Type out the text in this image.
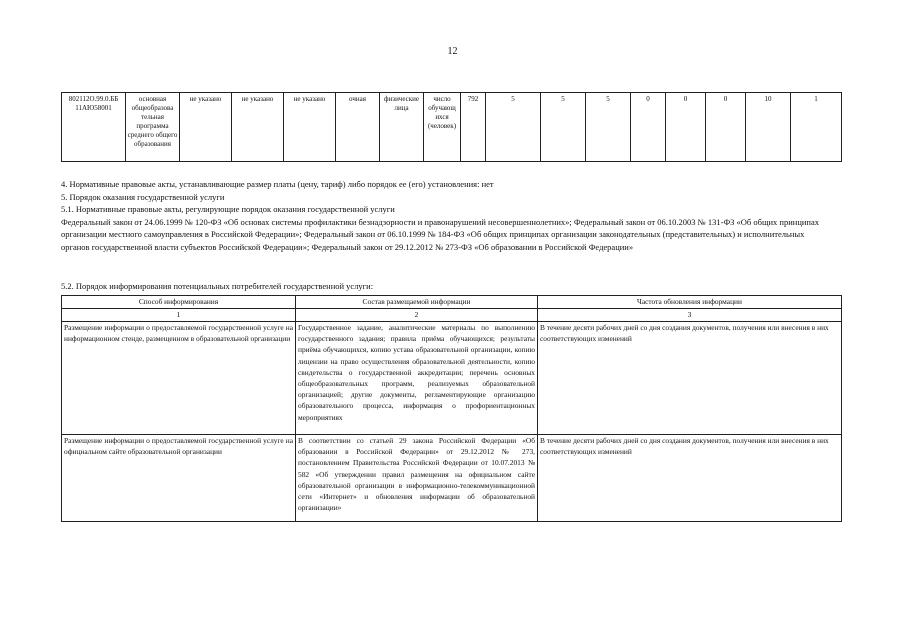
12
802112О.99.0.ББ 11АЮ58001	основная общеобразова тельная программа среднего общего образования	не указано	не указано	не указано	очная	физические лица	число обучающ ихся (человек)	792	5	5	5	0	0	0	10	1

4. Нормативные правовые акты, устанавливающие размер платы (цену, тариф) либо порядок ее (его) установления: нет

5. Порядок оказания государственной услуги

5.1. Нормативные правовые акты, регулирующие порядок оказания государственной услуги

Федеральный закон от 24.06.1999 № 120-ФЗ «Об основах системы профилактики безнадзорности и правонарушений несовершеннолетних»; Федеральный закон от 06.10.2003 № 131-ФЗ «Об общих принципах организации местного самоуправления в Российской Федерации»; Федеральный закон от 06.10.1999 № 184-ФЗ «Об общих принципах организации законодательных (представительных) и исполнительных органов государственной власти субъектов Российской Федерации»; Федеральный закон от 29.12.2012 № 273-ФЗ «Об образовании в Российской Федерации»

5.2. Порядок информирования потенциальных потребителей государственной услуги:

Способ информирования	Состав размещаемой информации	Частота обновления информации
1	2	3
Размещение информации о предоставляемой государственной услуге на информационном стенде, размещенном в образовательной организации	Государственное задание, аналитические материалы по выполнению государственного задания; правила приёма обучающихся; результаты приёма обучающихся, копию устава образовательной организации, копию лицензии на право осуществления образовательной деятельности, копию свидетельства о государственной аккредитации; перечень основных общеобразовательных программ, реализуемых образовательной организацией; другие документы, регламентирующие организацию образовательного процесса, информация о профориентационных мероприятиях	В течение десяти рабочих дней со дня создания документов, получения или внесения в них соответствующих изменений
Размещение информации о предоставляемой государственной услуге на официальном сайте образовательной организации	В соответствии со статьей 29 закона Российской Федерации «Об образовании в Российской Федерации» от 29.12.2012 № 273, постановлением Правительства Российской Федерации от 10.07.2013 № 582 «Об утверждении правил размещения на официальном сайте образовательной организации в информационно-телекоммуникационной сети «Интернет» и обновления информации об образовательной организации»	В течение десяти рабочих дней со дня создания документов, получения или внесения в них соответствующих изменений
